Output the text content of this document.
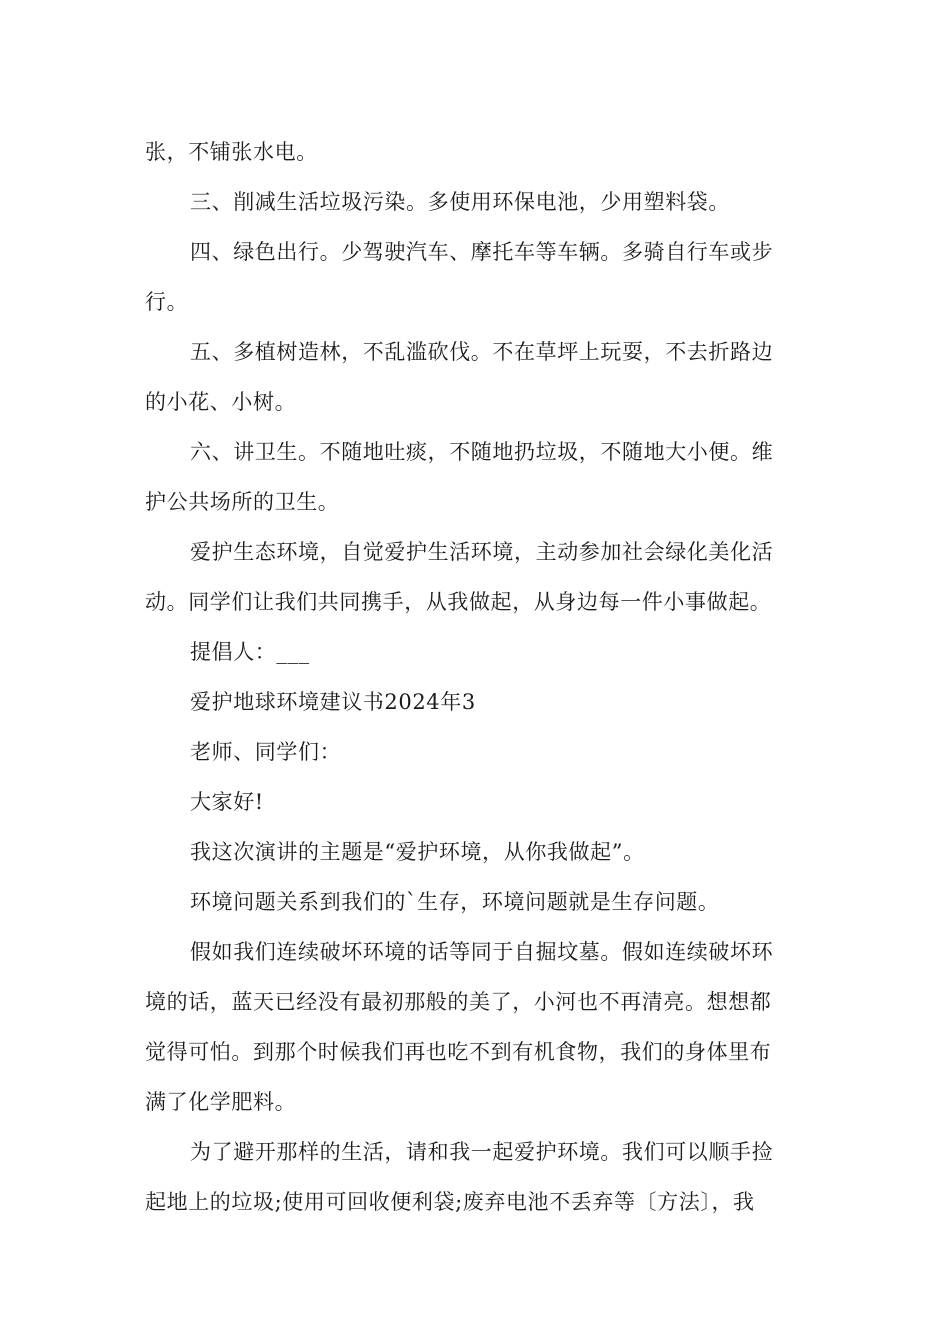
张，不铺张水电。
三、削减生活垃圾污染。多使用环保电池，少用塑料袋。
四、绿色出行。少驾驶汽车、摩托车等车辆。多骑自行车或步
行。
五、多植树造林，不乱滥砍伐。不在草坪上玩耍，不去折路边
的小花、小树。
六、讲卫生。不随地吐痰，不随地扔垃圾，不随地大小便。维
护公共场所的卫生。
爱护生态环境，自觉爱护生活环境，主动参加社会绿化美化活
动。同学们让我们共同携手，从我做起，从身边每一件小事做起。
提倡人：___
爱护地球环境建议书2024年3
老师、同学们：
大家好!
我这次演讲的主题是“爱护环境，从你我做起”。
环境问题关系到我们的`生存，环境问题就是生存问题。
假如我们连续破坏环境的话等同于自掘坟墓。假如连续破坏环
境的话，蓝天已经没有最初那般的美了，小河也不再清亮。想想都
觉得可怕。到那个时候我们再也吃不到有机食物，我们的身体里布
满了化学肥料。
为了避开那样的生活，请和我一起爱护环境。我们可以顺手捡
起地上的垃圾;使用可回收便利袋;废弃电池不丢弃等〔方法〕，我
